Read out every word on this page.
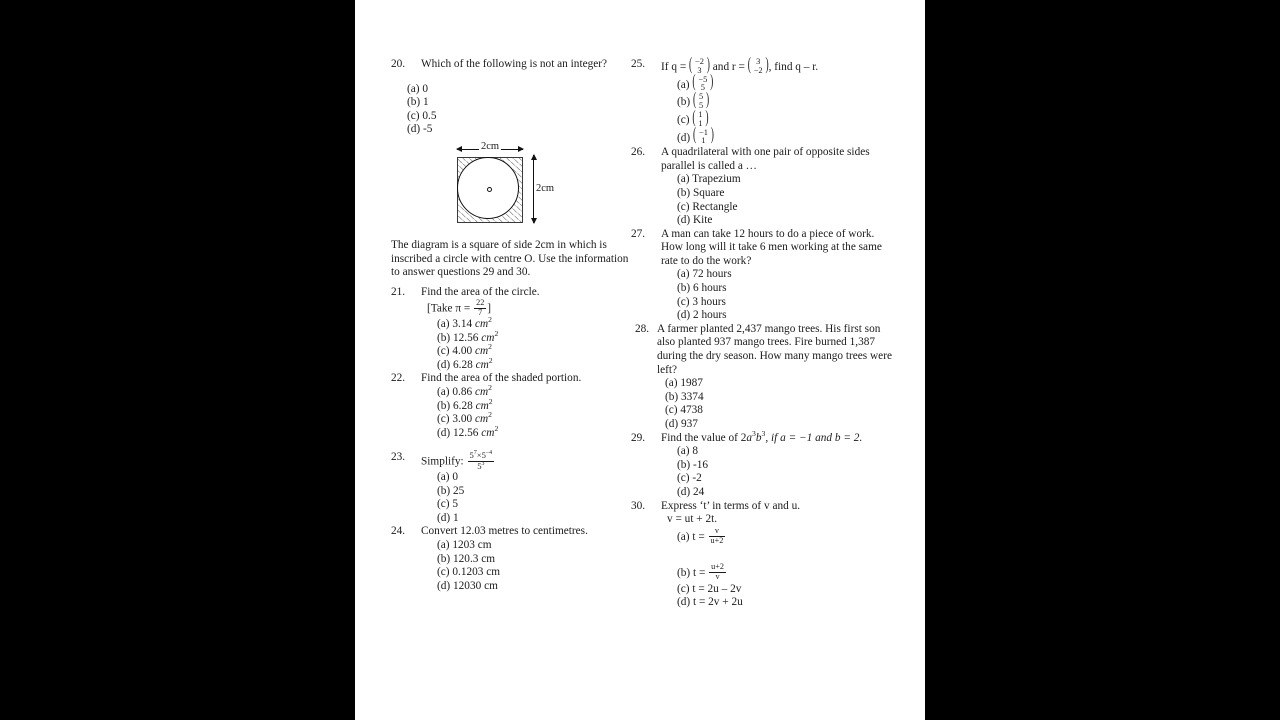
20.	Which of the following is not an integer?
(a) 0
(b) 1
(c) 0.5
(d) -5
2cm
2cm

The diagram is a square of side 2cm in which is inscribed a circle with centre O. Use the information to answer questions 29 and 30.

21.	Find the area of the circle.
[Take $\pi = \frac{22}{7}$ ]
(a) 3.14 $cm^2$
(b) 12.56 $cm^2$
(c) 4.00 $cm^2$
(d) 6.28 $cm^2$
22.	Find the area of the shaded portion.
(a) 0.86 $cm^2$
(b) 6.28 $cm^2$
(c) 3.00 $cm^2$
(d) 12.56 $cm^2$
23.	Simplify: $\frac{5^7\times 5^{-4}}{5^3}$
(a) 0
(b) 25
(c) 5
(d) 1
24.	Convert 12.03 metres to centimetres.
(a) 1203 cm
(b) 120.3 cm
(c) 0.1203 cm
(d) 12030 cm
25.	If q = ( −2
3 ) and r = ( 3
−2 ) , find q – r.
(a) ( −5
5 )
(b) ( 5
5 )
(c) ( 1
1 )
(d) ( −1
1 )
26.	A quadrilateral with one pair of opposite sides parallel is called a …
(a) Trapezium
(b) Square
(c) Rectangle
(d) Kite
27.	A man can take 12 hours to do a piece of work. How long will it take 6 men working at the same rate to do the work?
(a) 72 hours
(b) 6 hours
(c) 3 hours
(d) 2 hours
28. A farmer planted 2,437 mango trees. His first son also planted 937 mango trees. Fire burned 1,387 during the dry season. How many mango trees were left?
(a) 1987
(b) 3374
(c) 4738
(d) 937
29.	Find the value of $2a^3b^3$, if a = −1 and b = 2.
(a) 8
(b) -16
(c) -2
(d) 24
30.	Express ‘t’ in terms of v and u.
v = ut + 2t.
(a) $t = \frac{v}{u+2}$

(b) $t = \frac{u+2}{v}$
(c) t = 2u – 2v
(d) t = 2v + 2u
